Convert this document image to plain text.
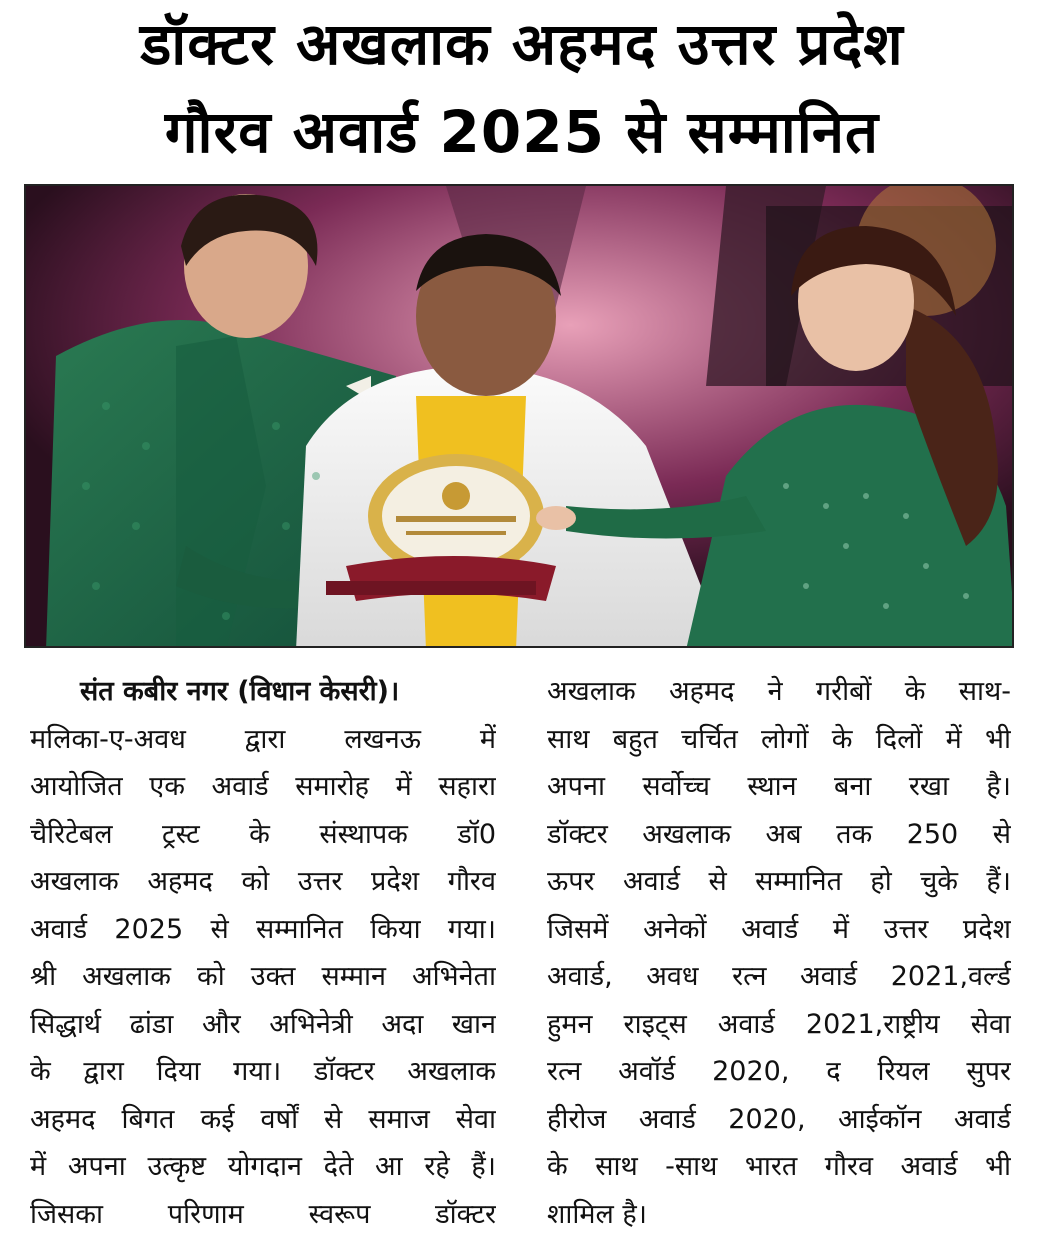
डॉक्टर अखलाक अहमद उत्तर प्रदेश
गौरव अवार्ड 2025 से सम्मानित
संत कबीर नगर (विधान केसरी)।
मलिका-ए-अवध द्वारा लखनऊ में
आयोजित एक अवार्ड समारोह में सहारा
चैरिटेबल ट्रस्ट के संस्थापक डॉ0
अखलाक अहमद को उत्तर प्रदेश गौरव
अवार्ड 2025 से सम्मानित किया गया।
श्री अखलाक को उक्त सम्मान अभिनेता
सिद्धार्थ ढांडा और अभिनेत्री अदा खान
के द्वारा दिया गया। डॉक्टर अखलाक
अहमद बिगत कई वर्षों से समाज सेवा
में अपना उत्कृष्ट योगदान देते आ रहे हैं।
जिसका परिणाम स्वरूप डॉक्टर
अखलाक अहमद ने गरीबों के साथ-
साथ बहुत चर्चित लोगों के दिलों में भी
अपना सर्वोच्च स्थान बना रखा है।
डॉक्टर अखलाक अब तक 250 से
ऊपर अवार्ड से सम्मानित हो चुके हैं।
जिसमें अनेकों अवार्ड में उत्तर प्रदेश
अवार्ड, अवध रत्न अवार्ड 2021,वर्ल्ड
हुमन राइट्स अवार्ड 2021,राष्ट्रीय सेवा
रत्न अवॉर्ड 2020, द रियल सुपर
हीरोज अवार्ड 2020, आईकॉन अवार्ड
के साथ -साथ भारत गौरव अवार्ड भी
शामिल है।
